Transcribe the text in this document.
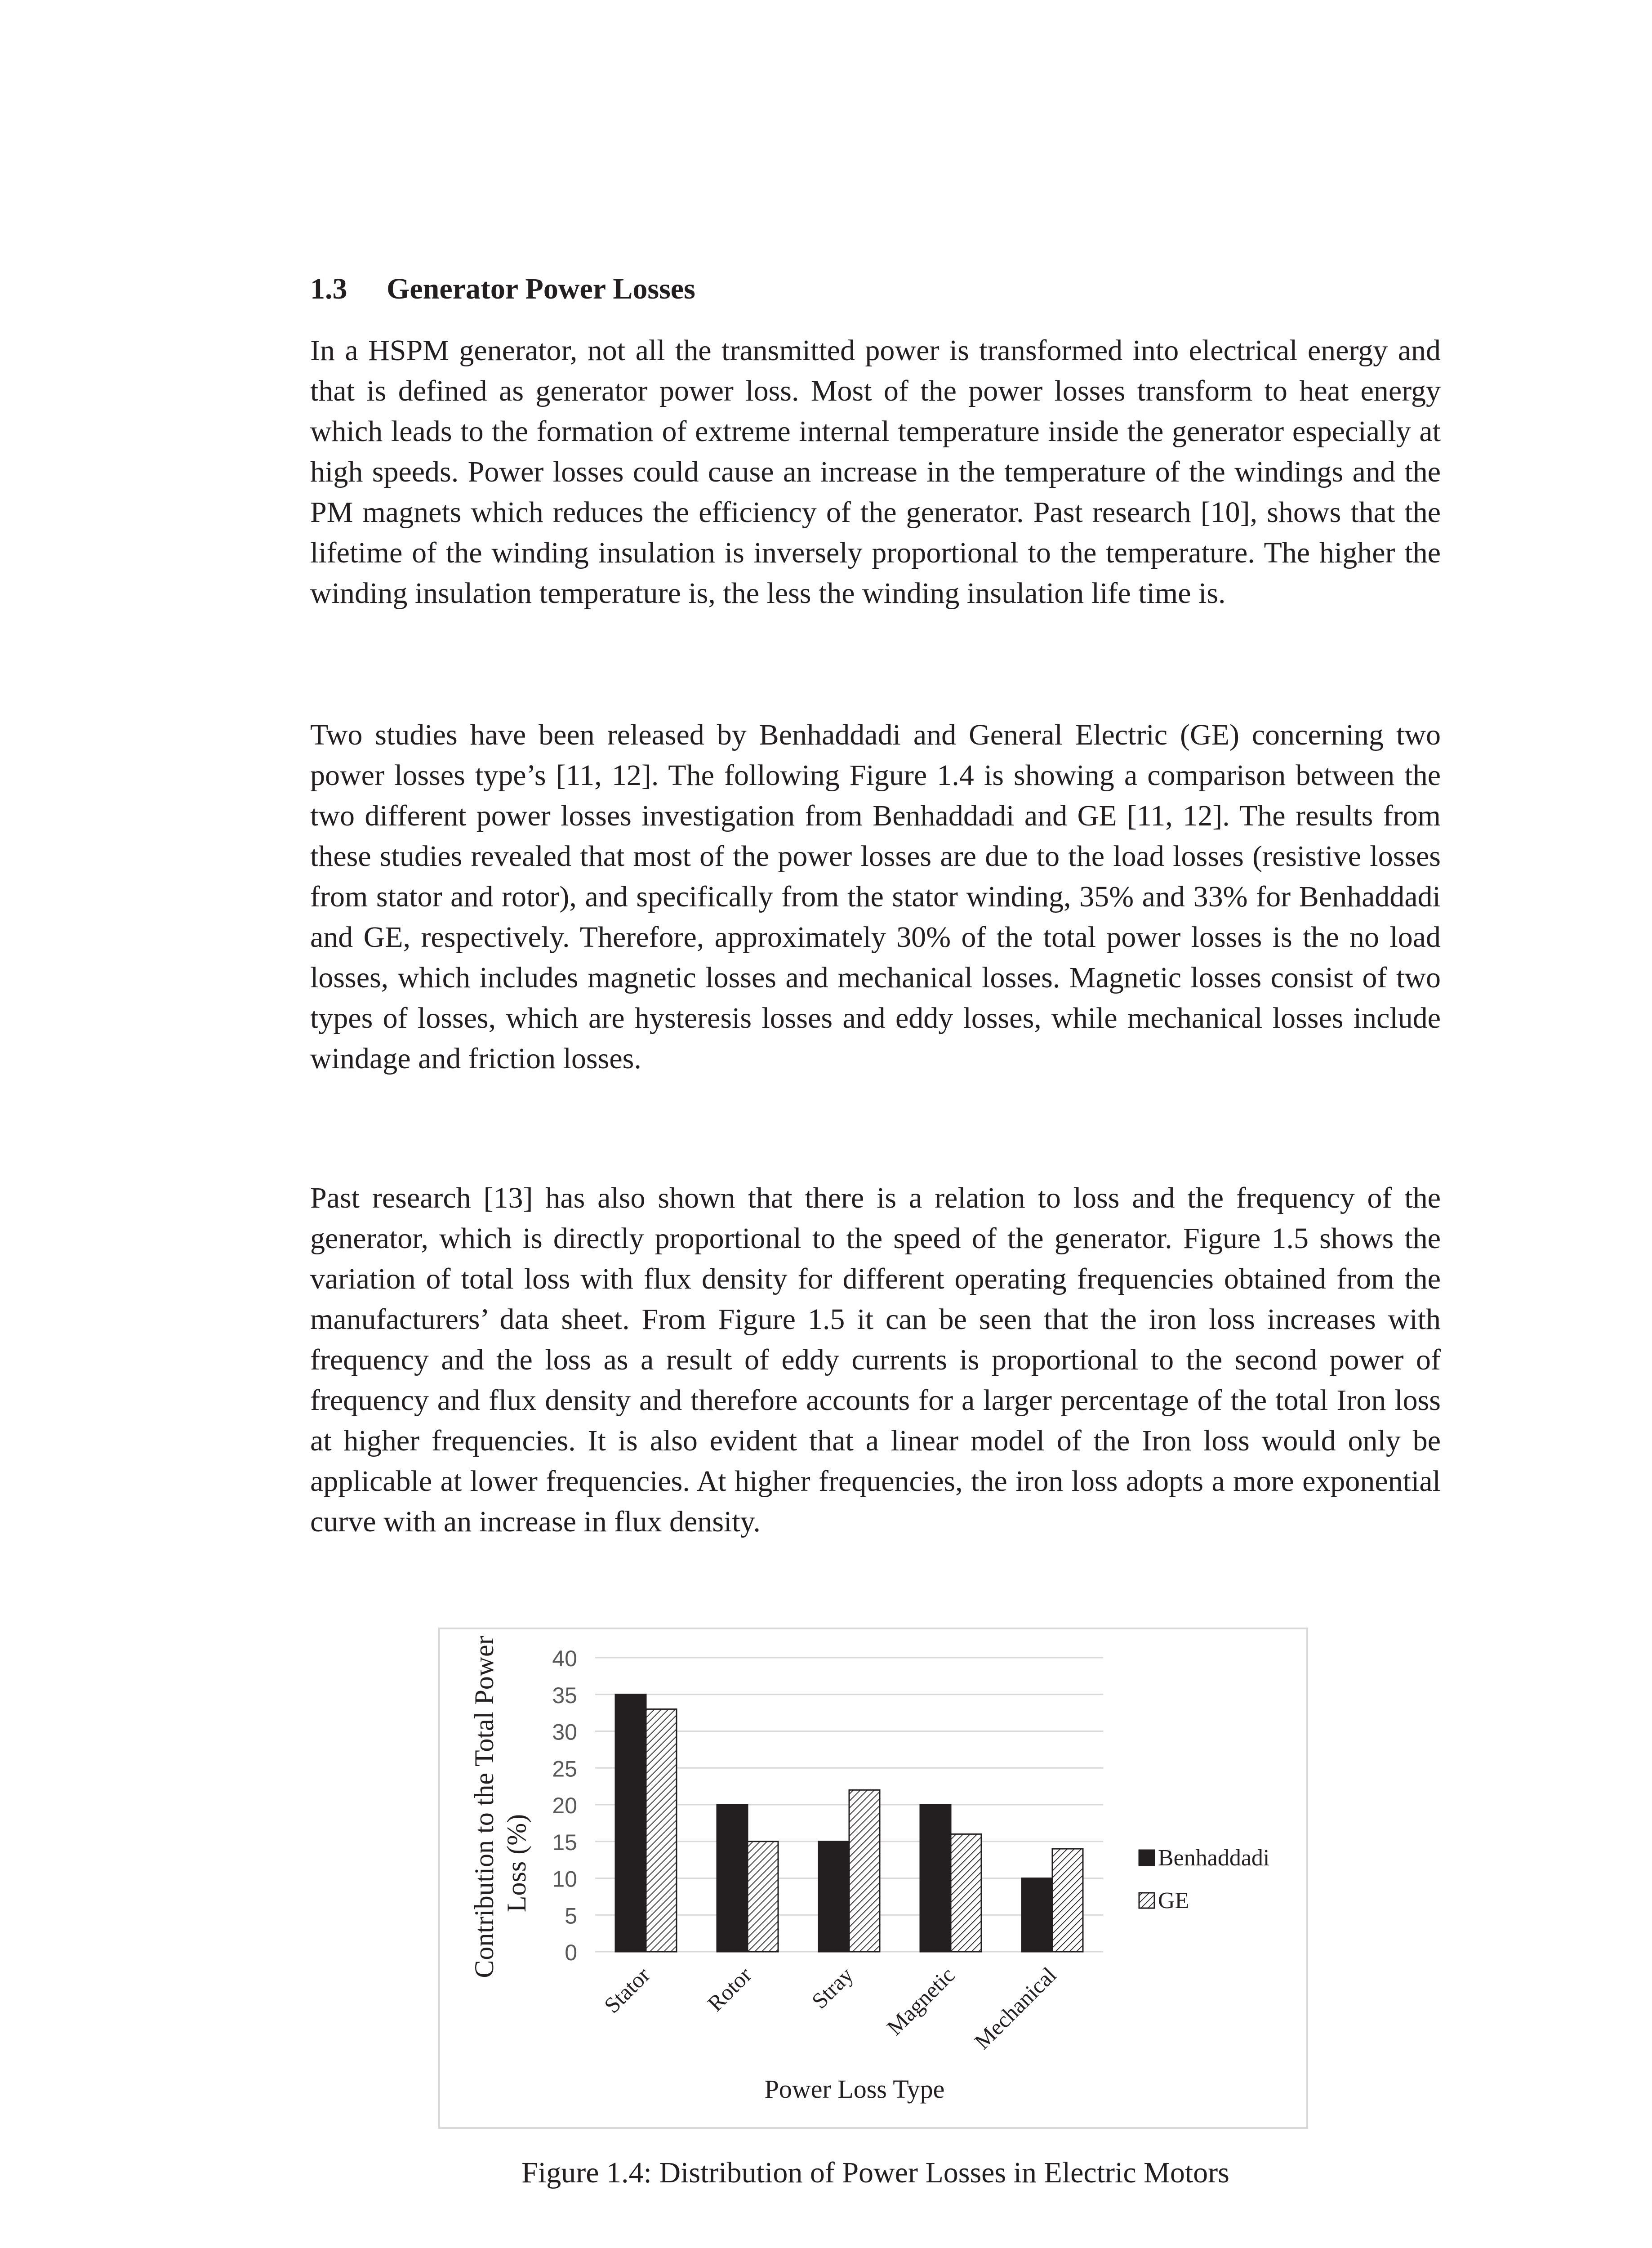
1.3 Generator Power Losses

In a HSPM generator, not all the transmitted power is transformed into electrical energy and that is defined as generator power loss. Most of the power losses transform to heat energy which leads to the formation of extreme internal temperature inside the generator especially at high speeds. Power losses could cause an increase in the temperature of the windings and the PM magnets which reduces the efficiency of the generator. Past research [10], shows that the lifetime of the winding insulation is inversely proportional to the temperature. The higher the winding insulation temperature is, the less the winding insulation life time is.

Two studies have been released by Benhaddadi and General Electric (GE) concerning two power losses type’s [11, 12]. The following Figure 1.4 is showing a comparison between the two different power losses investigation from Benhaddadi and GE [11, 12]. The results from these studies revealed that most of the power losses are due to the load losses (resistive losses from stator and rotor), and specifically from the stator winding, 35% and 33% for Benhaddadi and GE, respectively. Therefore, approximately 30% of the total power losses is the no load losses, which includes magnetic losses and mechanical losses. Magnetic losses consist of two types of losses, which are hysteresis losses and eddy losses, while mechanical losses include windage and friction losses.

Past research [13] has also shown that there is a relation to loss and the frequency of the generator, which is directly proportional to the speed of the generator. Figure 1.5 shows the variation of total loss with flux density for different operating frequencies obtained from the manufacturers’ data sheet. From Figure 1.5 it can be seen that the iron loss increases with frequency and the loss as a result of eddy currents is proportional to the second power of frequency and flux density and therefore accounts for a larger percentage of the total Iron loss at higher frequencies. It is also evident that a linear model of the Iron loss would only be applicable at lower frequencies. At higher frequencies, the iron loss adopts a more exponential curve with an increase in flux density.

0
5
10
15
20
25
30
35
40
Stator Rotor Stray Magnetic Mechanical
Contribution to the Total Power Loss (%)
Power Loss Type
Benhaddadi
GE
Figure 1.4: Distribution of Power Losses in Electric Motors
